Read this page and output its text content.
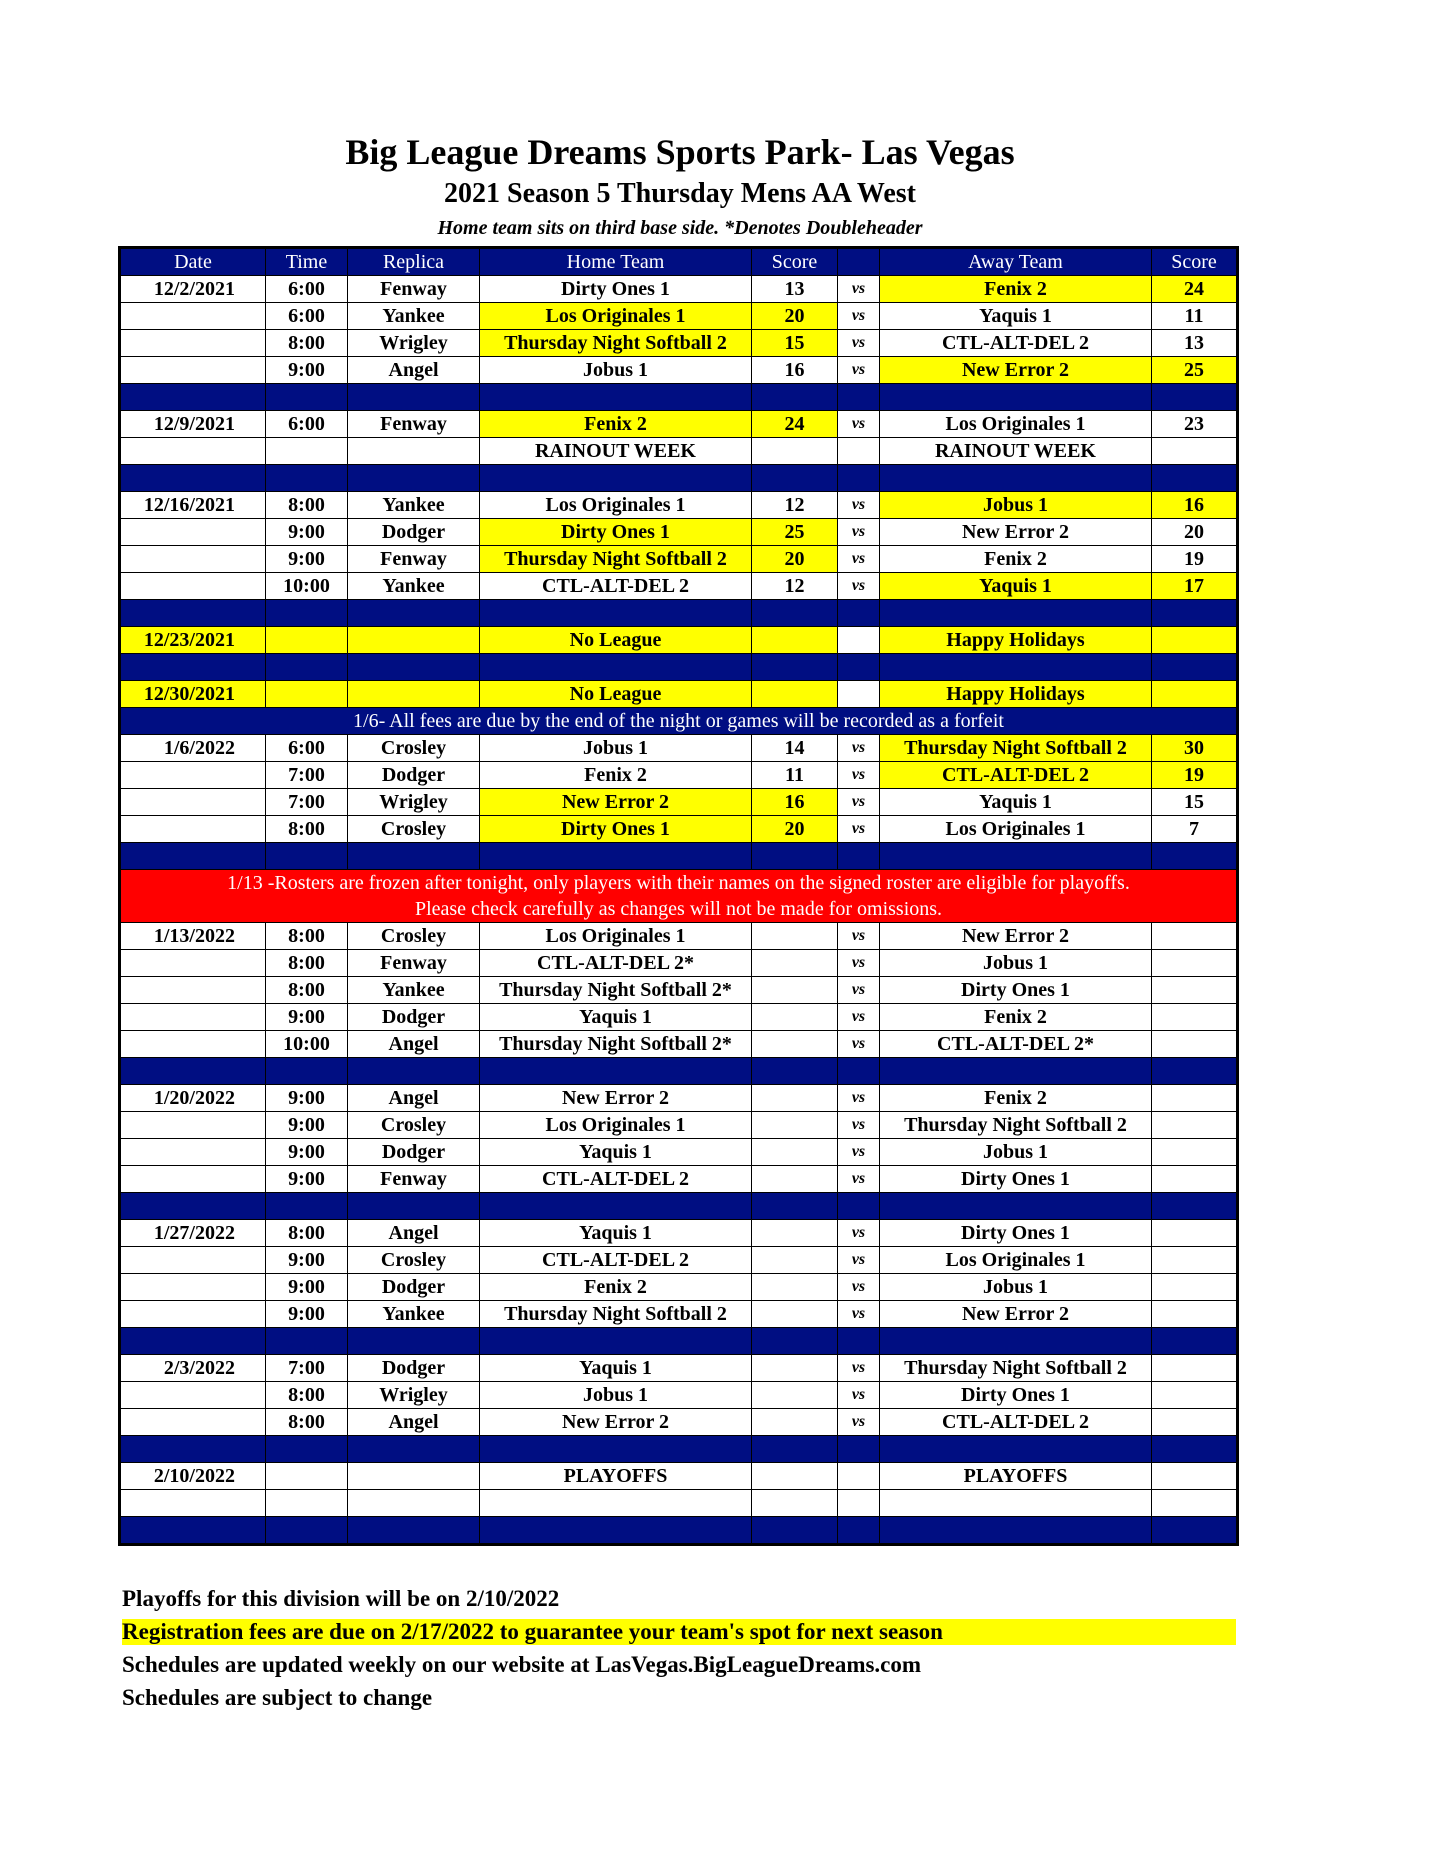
Big League Dreams Sports Park- Las Vegas
2021 Season 5 Thursday Mens AA West
Home team sits on third base side. *Denotes Doubleheader
Date	Time	Replica	Home Team	Score		Away Team	Score
12/2/2021	6:00	Fenway	Dirty Ones 1	13	vs	Fenix 2	24
	6:00	Yankee	Los Originales 1	20	vs	Yaquis 1	11
	8:00	Wrigley	Thursday Night Softball 2	15	vs	CTL-ALT-DEL 2	13
	9:00	Angel	Jobus 1	16	vs	New Error 2	25

12/9/2021	6:00	Fenway	Fenix 2	24	vs	Los Originales 1	23
			RAINOUT WEEK			RAINOUT WEEK	

12/16/2021	8:00	Yankee	Los Originales 1	12	vs	Jobus 1	16
	9:00	Dodger	Dirty Ones 1	25	vs	New Error 2	20
	9:00	Fenway	Thursday Night Softball 2	20	vs	Fenix 2	19
	10:00	Yankee	CTL-ALT-DEL 2	12	vs	Yaquis 1	17

12/23/2021			No League			Happy Holidays	

12/30/2021			No League			Happy Holidays	
1/6- All fees are due by the end of the night or games will be recorded as a forfeit							
1/6/2022	6:00	Crosley	Jobus 1	14	vs	Thursday Night Softball 2	30
	7:00	Dodger	Fenix 2	11	vs	CTL-ALT-DEL 2	19
	7:00	Wrigley	New Error 2	16	vs	Yaquis 1	15
	8:00	Crosley	Dirty Ones 1	20	vs	Los Originales 1	7

1/13 -Rosters are frozen after tonight, only players with their names on the signed roster are eligible for playoffs.
Please check carefully as changes will not be made for omissions.							

1/13/2022	8:00	Crosley	Los Originales 1		vs	New Error 2	
	8:00	Fenway	CTL-ALT-DEL 2*		vs	Jobus 1	
	8:00	Yankee	Thursday Night Softball 2*		vs	Dirty Ones 1	
	9:00	Dodger	Yaquis 1		vs	Fenix 2	
	10:00	Angel	Thursday Night Softball 2*		vs	CTL-ALT-DEL 2*	

1/20/2022	9:00	Angel	New Error 2		vs	Fenix 2	
	9:00	Crosley	Los Originales 1		vs	Thursday Night Softball 2	
	9:00	Dodger	Yaquis 1		vs	Jobus 1	
	9:00	Fenway	CTL-ALT-DEL 2		vs	Dirty Ones 1	

1/27/2022	8:00	Angel	Yaquis 1		vs	Dirty Ones 1	
	9:00	Crosley	CTL-ALT-DEL 2		vs	Los Originales 1	
	9:00	Dodger	Fenix 2		vs	Jobus 1	
	9:00	Yankee	Thursday Night Softball 2		vs	New Error 2	

2/3/2022	7:00	Dodger	Yaquis 1		vs	Thursday Night Softball 2	
	8:00	Wrigley	Jobus 1		vs	Dirty Ones 1	
	8:00	Angel	New Error 2		vs	CTL-ALT-DEL 2	

2/10/2022			PLAYOFFS			PLAYOFFS	

Playoffs for this division will be on 2/10/2022
Registration fees are due on 2/17/2022 to guarantee your team's spot for next season
Schedules are updated weekly on our website at LasVegas.BigLeagueDreams.com
Schedules are subject to change
